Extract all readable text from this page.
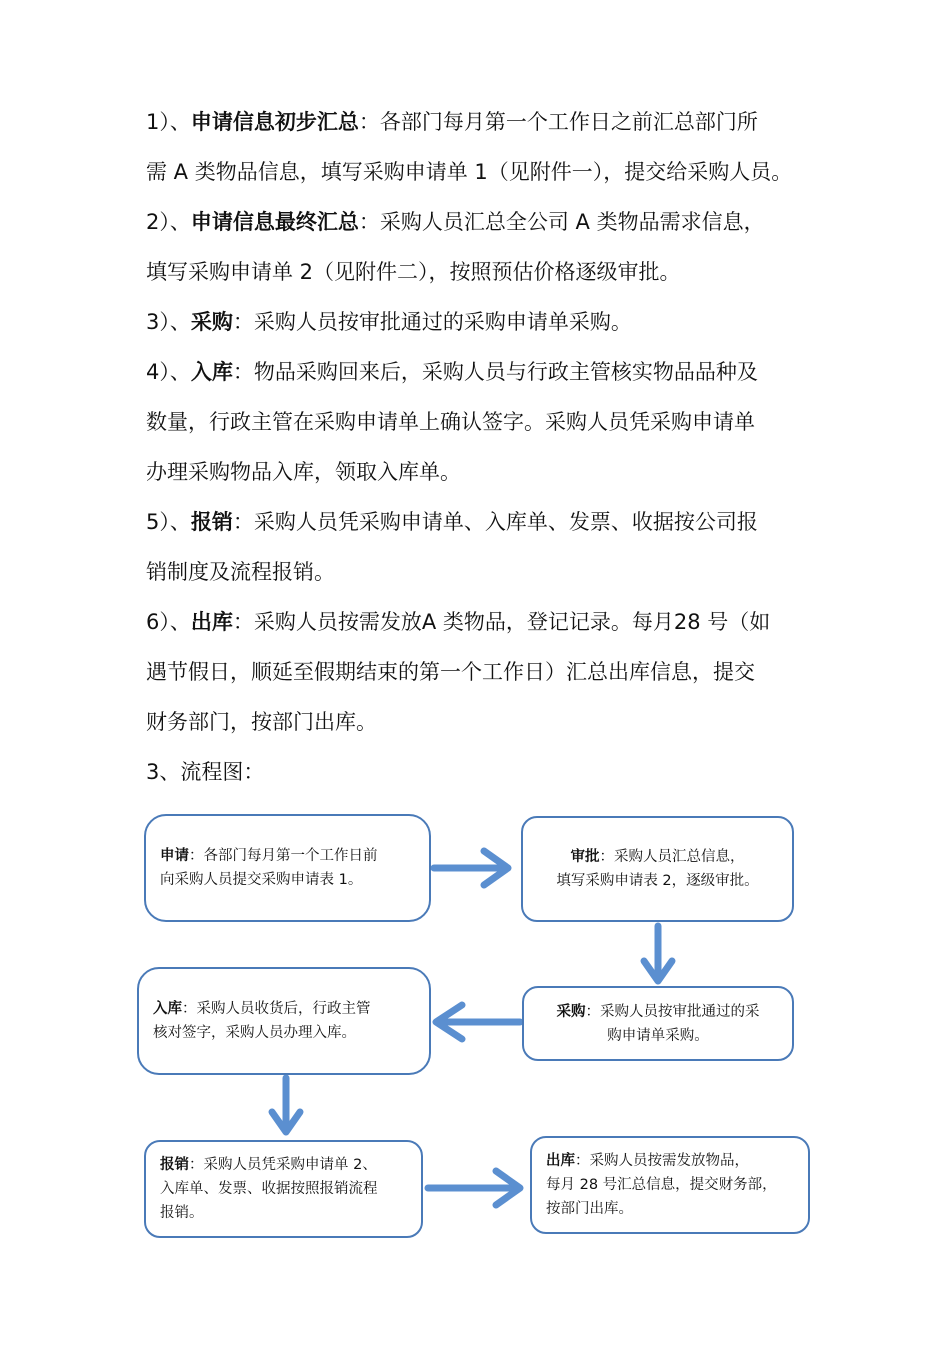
1）、申请信息初步汇总：各部门每月第一个工作日之前汇总部门所
需 A 类物品信息，填写采购申请单 1（见附件一），提交给采购人员。
2）、申请信息最终汇总：采购人员汇总全公司 A 类物品需求信息，
填写采购申请单 2（见附件二），按照预估价格逐级审批。
3）、采购：采购人员按审批通过的采购申请单采购。
4）、入库：物品采购回来后，采购人员与行政主管核实物品品种及
数量，行政主管在采购申请单上确认签字。采购人员凭采购申请单
办理采购物品入库，领取入库单。
5）、报销：采购人员凭采购申请单、入库单、发票、收据按公司报
销制度及流程报销。
6）、出库：采购人员按需发放A 类物品，登记记录。每月28 号（如
遇节假日，顺延至假期结束的第一个工作日）汇总出库信息，提交
财务部门，按部门出库。
3、流程图：
申请：各部门每月第一个工作日前
向采购人员提交采购申请表 1。
审批：采购人员汇总信息，
填写采购申请表 2，逐级审批。
入库：采购人员收货后，行政主管
核对签字，采购人员办理入库。
采购：采购人员按审批通过的采
购申请单采购。
报销：采购人员凭采购申请单 2、
入库单、发票、收据按照报销流程
报销。
出库：采购人员按需发放物品，
每月 28 号汇总信息，提交财务部，
按部门出库。
